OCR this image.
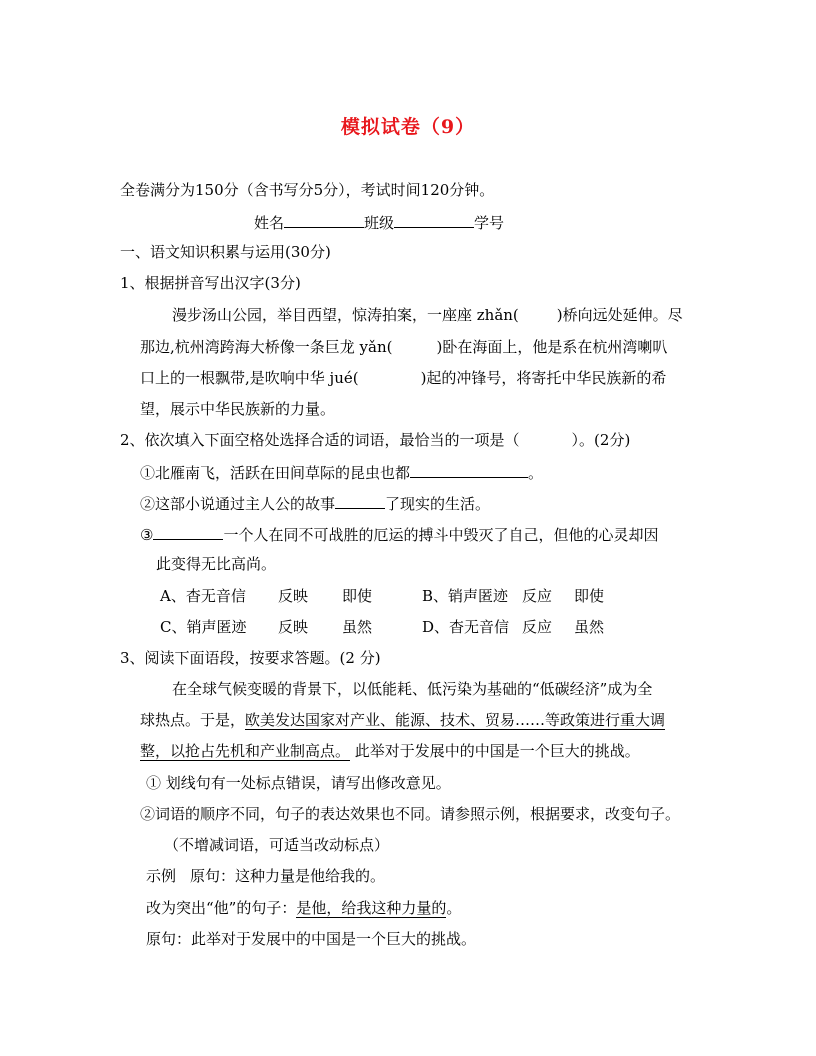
模拟试卷（9）
全卷满分为150分（含书写分5分），考试时间120分钟。
姓名	班级	学号
一、语文知识积累与运用(30分)
1、根据拼音写出汉字(3分)
漫步汤山公园，举目西望，惊涛拍案，一座座 zhǎn(	)桥向远处延伸。尽
那边,杭州湾跨海大桥像一条巨龙 yǎn(	)卧在海面上，他是系在杭州湾喇叭
口上的一根飘带,是吹响中华 jué(	)起的冲锋号，将寄托中华民族新的希
望，展示中华民族新的力量。
2、依次填入下面空格处选择合适的词语，最恰当的一项是（	）。(2分)
①北雁南飞，活跃在田间草际的昆虫也都	。
②这部小说通过主人公的故事	了现实的生活。
③	一个人在同不可战胜的厄运的搏斗中毁灭了自己，但他的心灵却因
此变得无比高尚。
A、杳无音信 反映 即使	B、销声匿迹 反应 即使
C、销声匿迹 反映 虽然	D、杳无音信 反应 虽然
3、阅读下面语段，按要求答题。(2 分)
在全球气候变暖的背景下，以低能耗、低污染为基础的“低碳经济”成为全
球热点。于是，欧美发达国家对产业、能源、技术、贸易……等政策进行重大调
整，以抢占先机和产业制高点。 此举对于发展中的中国是一个巨大的挑战。
① 划线句有一处标点错误，请写出修改意见。
②词语的顺序不同，句子的表达效果也不同。请参照示例，根据要求，改变句子。
（不增减词语，可适当改动标点）
示例 原句：这种力量是他给我的。
改为突出“他”的句子：是他，给我这种力量的。
原句：此举对于发展中的中国是一个巨大的挑战。
